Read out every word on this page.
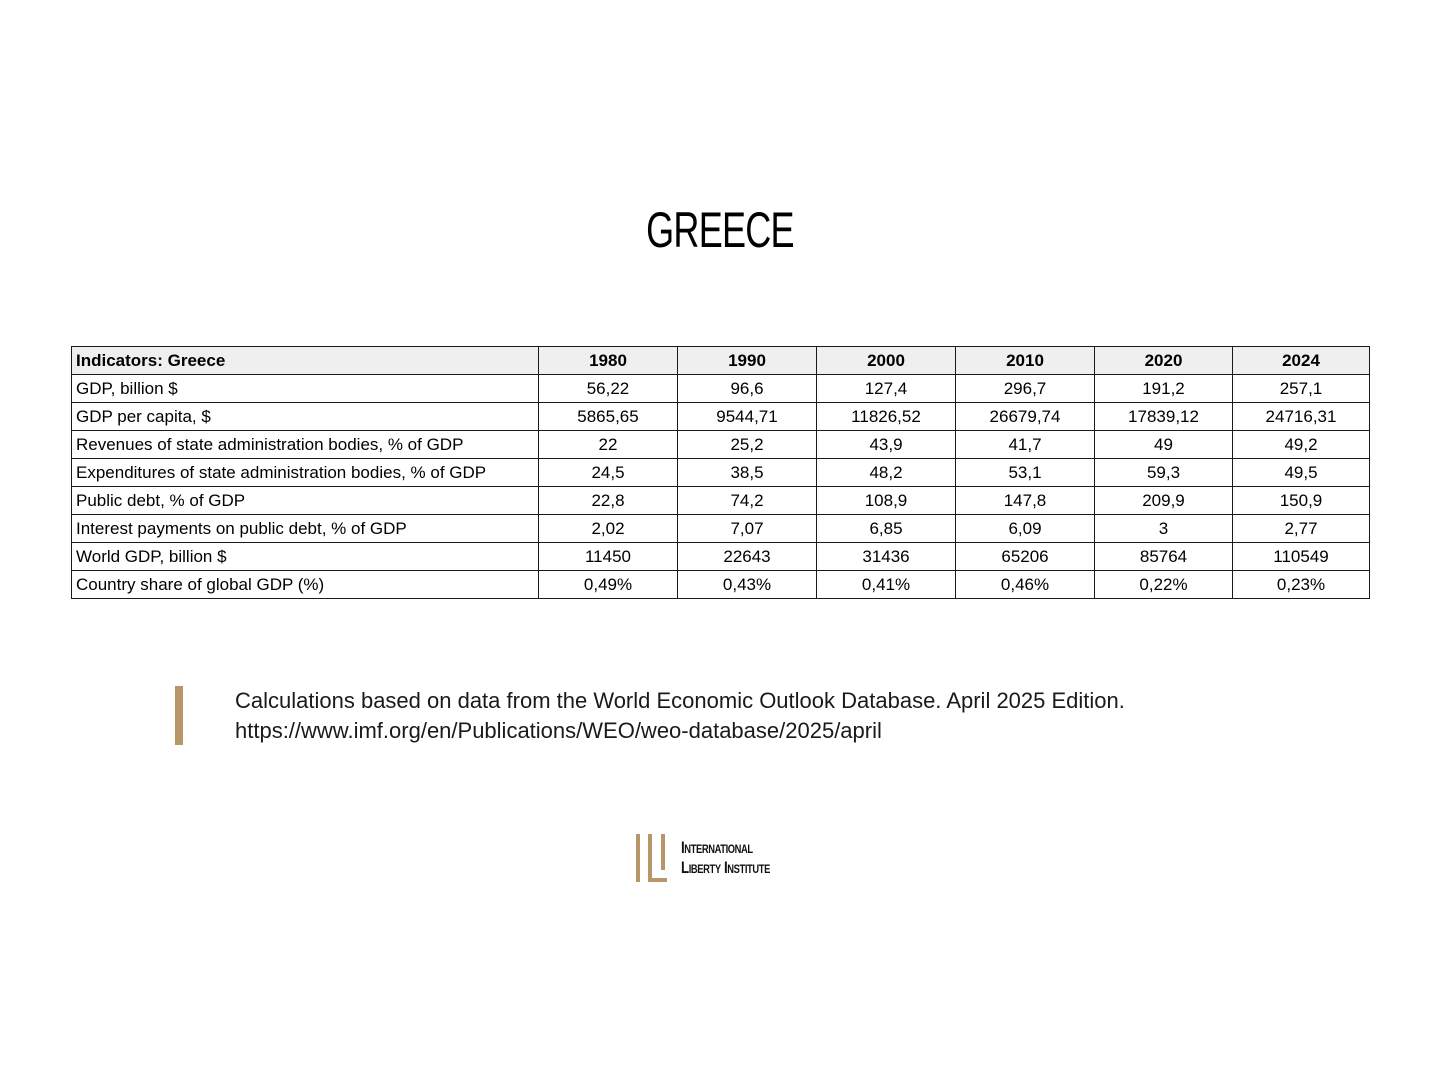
GREECE
Indicators: Greece	1980	1990	2000	2010	2020	2024
GDP, billion $	56,22	96,6	127,4	296,7	191,2	257,1
GDP per capita, $	5865,65	9544,71	11826,52	26679,74	17839,12	24716,31
Revenues of state administration bodies, % of GDP	22	25,2	43,9	41,7	49	49,2
Expenditures of state administration bodies, % of GDP	24,5	38,5	48,2	53,1	59,3	49,5
Public debt, % of GDP	22,8	74,2	108,9	147,8	209,9	150,9
Interest payments on public debt, % of GDP	2,02	7,07	6,85	6,09	3	2,77
World GDP, billion $	11450	22643	31436	65206	85764	110549
Country share of global GDP (%)	0,49%	0,43%	0,41%	0,46%	0,22%	0,23%
Calculations based on data from the World Economic Outlook Database. April 2025 Edition.
https://www.imf.org/en/Publications/WEO/weo-database/2025/april
International
Liberty Institute
